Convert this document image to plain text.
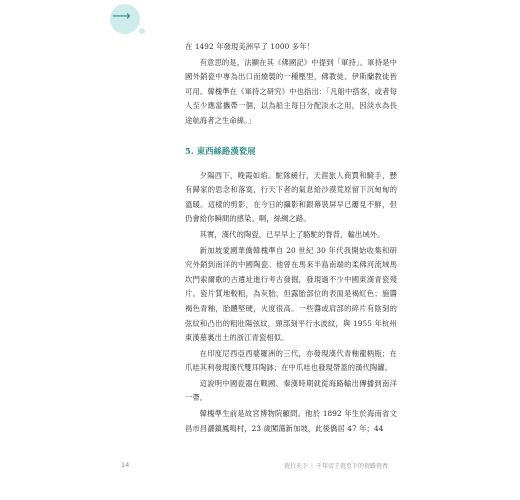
⟶

在 1492 年發現美洲早了 1000 多年！

有意思的是，法顯在其《佛國記》中提到「軍持」。軍持是中國外銷瓷中專為出口而燒製的一種壓型，佛教徒、伊斯蘭教徒皆可用。韓槐準在《軍持之研究》中也指出：「凡船中搭客，或者每人至少應當攜帶一個，以為船主每日分配淡水之用，因淡水為長途航海者之生命線。」

5. 東西絲路漢瓷展

夕陽西下，晚霞如焰。駝隊緩行，天涯旅人商賈和騎手，懸有歸家的思念和落寞，行天下者的氣息給沙漠荒原留下沉甸甸的溫暖。這樣的剪影，在今日的攝影和銀幕裝屏早已屢見不鮮，但仍會給你瞬間的感染。啊，絲綢之路。

其實，漢代的陶瓷，已早早上了駱駝的脊背，輸出域外。

新加坡愛國華僑韓槐準自 20 世紀 30 年代我開始收集和研究外銷到南洋的中國陶瓷。他曾在馬來半島南端的柔佛河流域馬坎門索爾歌的古遺址進行考古發掘，發現過不少中國東漢青瓷殘片。瓷片質地較粗，為灰胎，但露胎部位的表面是褐紅色；施醬褐色青釉，胎體堅硬，火度很高。一些醬或肩部的碎片有陰刻的弦紋和凸出的粗壯陽弦紋，頸部刻平行水波紋，與 1955 年杭州東漢墓裏出土的浙江青瓷相似。

在印度尼西亞西婆羅洲的三代，亦發現漢代青釉龍柄瓶；在爪哇其利發現漢代雙耳陶鉢；在中爪哇也發現帶蓋的漢代陶罐。

這說明中國瓷器在戰國、秦漢時期就從海路輸出傳播到南洋一帶。

韓槐準生前是故宮博物院顧問。他於 1892 年生於海南省文昌市昌灑鎮鳳鳴村，23 歲闖蕩新加坡，此後僑居 47 年；44

14	瓷行天下 | 千年帝王瓷至下的瓷路瓷香
